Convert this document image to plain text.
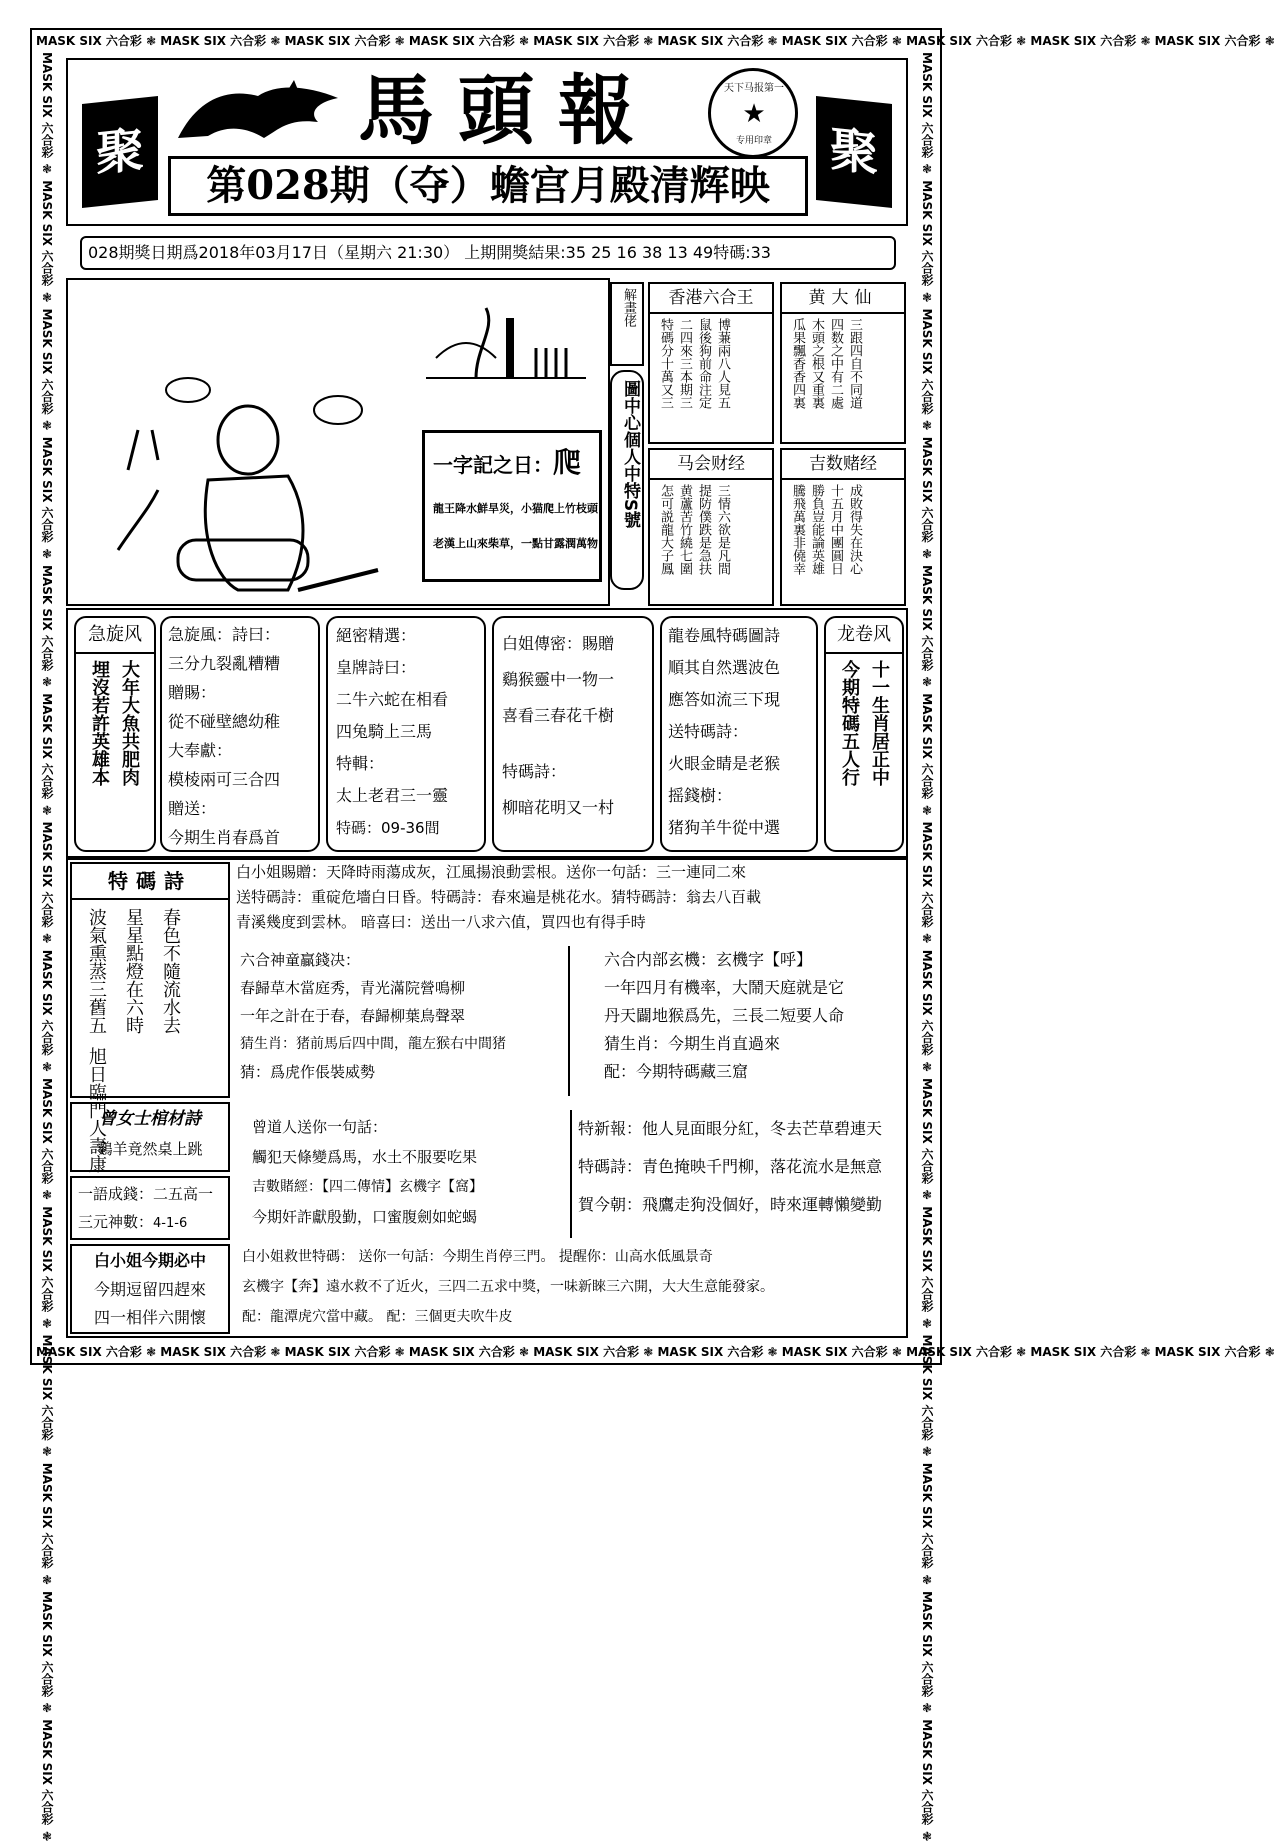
MASK SIX 六合彩 ❃ MASK SIX 六合彩 ❃ MASK SIX 六合彩 ❃ MASK SIX 六合彩 ❃ MASK SIX 六合彩 ❃ MASK SIX 六合彩 ❃ MASK SIX 六合彩 ❃ MASK SIX 六合彩 ❃ MASK SIX 六合彩 ❃ MASK SIX 六合彩 ❃
MASK SIX 六合彩 ❃ MASK SIX 六合彩 ❃ MASK SIX 六合彩 ❃ MASK SIX 六合彩 ❃ MASK SIX 六合彩 ❃ MASK SIX 六合彩 ❃ MASK SIX 六合彩 ❃ MASK SIX 六合彩 ❃ MASK SIX 六合彩 ❃ MASK SIX 六合彩 ❃
MASK SIX 六合彩 ❃ MASK SIX 六合彩 ❃ MASK SIX 六合彩 ❃ MASK SIX 六合彩 ❃ MASK SIX 六合彩 ❃ MASK SIX 六合彩 ❃ MASK SIX 六合彩 ❃ MASK SIX 六合彩 ❃ MASK SIX 六合彩 ❃ MASK SIX 六合彩 ❃ MASK SIX 六合彩 ❃ MASK SIX 六合彩 ❃ MASK SIX 六合彩 ❃ MASK SIX 六合彩 ❃
MASK SIX 六合彩 ❃ MASK SIX 六合彩 ❃ MASK SIX 六合彩 ❃ MASK SIX 六合彩 ❃ MASK SIX 六合彩 ❃ MASK SIX 六合彩 ❃ MASK SIX 六合彩 ❃ MASK SIX 六合彩 ❃ MASK SIX 六合彩 ❃ MASK SIX 六合彩 ❃ MASK SIX 六合彩 ❃ MASK SIX 六合彩 ❃ MASK SIX 六合彩 ❃ MASK SIX 六合彩 ❃
馬頭報	★
天下马报第一
专用印章
聚	聚
第028期（夺）蟾宫月殿清辉映
028期獎日期爲2018年03月17日（星期六 21:30） 上期開獎結果:35 25 16 38 13 49特碼:33
一字記之日：爬
龍王降水鮮旱災，小猫爬上竹枝頭
老漢上山來柴草，一點甘露潤萬物
解畫佬
圖中心個人中特S號
香港六合王
特碼分十萬又三 二四來三本期三 鼠後狗前命注定 博蒹兩八人見五
黄大仙
瓜果飄香香四裏 木頭之根又重裏 四数之中有二處 三跟四自不同道
马会财经
怎可説龍大子鳳 黄蘆苦竹繞七圍 提防僕跌是急扶 三情六欲是凡間
吉数赌经
騰飛萬裏非僥幸 勝負豈能論英雄 十五月中團圓日 成敗得失在決心
急旋风
埋沒若許英雄本 大年大魚共肥肉
急旋風：詩曰：
三分九裂亂糟糟
贈賜：
從不碰壁總幼稚
大奉獻：
模棱兩可三合四
贈送：
今期生肖春爲首
絕密精選：
皇牌詩曰：
二牛六蛇在相看
四兔騎上三馬
特輯：
太上老君三一靈
特碼：09-36間
白姐傳密：賜贈
鷄猴靈中一物一
喜看三春花千樹
特碼詩：
柳暗花明又一村
龍卷風特碼圖詩
順其自然選波色
應答如流三下現
送特碼詩：
火眼金睛是老猴
摇錢樹：
猪狗羊牛從中選
龙卷风
今期特碼五人行 十一生肖居正中
特碼詩
波氣熏蒸三舊五 星星點燈在六時 春色不隨流水去旭日臨門人壽康
白小姐賜贈：天降時雨蕩成灰，江風揚浪動雲根。送你一句話：三一連同二來
送特碼詩：重碇危墻白日昏。特碼詩：春來遍是桃花水。猜特碼詩：翁去八百載
青溪幾度到雲林。 暗喜曰：送出一八求六值，買四也有得手時
六合神童贏錢决：
春歸草木當庭秀，青光滿院營鳴柳
一年之計在于春，春歸柳葉鳥聲翠
猜生肖：猪前馬后四中間，龍左猴右中間猪
猜：爲虎作倀裝威勢
六合内部玄機：玄機字【呼】
一年四月有機率，大鬧天庭就是它
丹天闢地猴爲先，三長二短要人命
猜生肖：今期生肖直過來
配：今期特碼藏三窟
曾女士棺材詩
鷄羊竟然桌上跳
一語成錢：二五高一
三元神數：4-1-6
白小姐今期必中
今期逗留四趕來
四一相伴六開懷
曾道人送你一句話：
觸犯天條變爲馬，水土不服要吃果
吉數賭經：【四二傳情】玄機字【窩】
今期奸詐獻殷勤，口蜜腹劍如蛇蝎
特新報：他人見面眼分紅，冬去芒草碧連天
特碼詩：青色掩映千門柳，落花流水是無意
賀今朝：飛鷹走狗没個好，時來運轉懶變勤
白小姐救世特碼： 送你一句話：今期生肖停三門。 提醒你：山高水低風景奇
玄機字【奔】遠水救不了近火，三四二五求中獎，一味新睞三六開，大大生意能發家。
配：龍潭虎穴當中藏。 配：三個更夫吹牛皮
